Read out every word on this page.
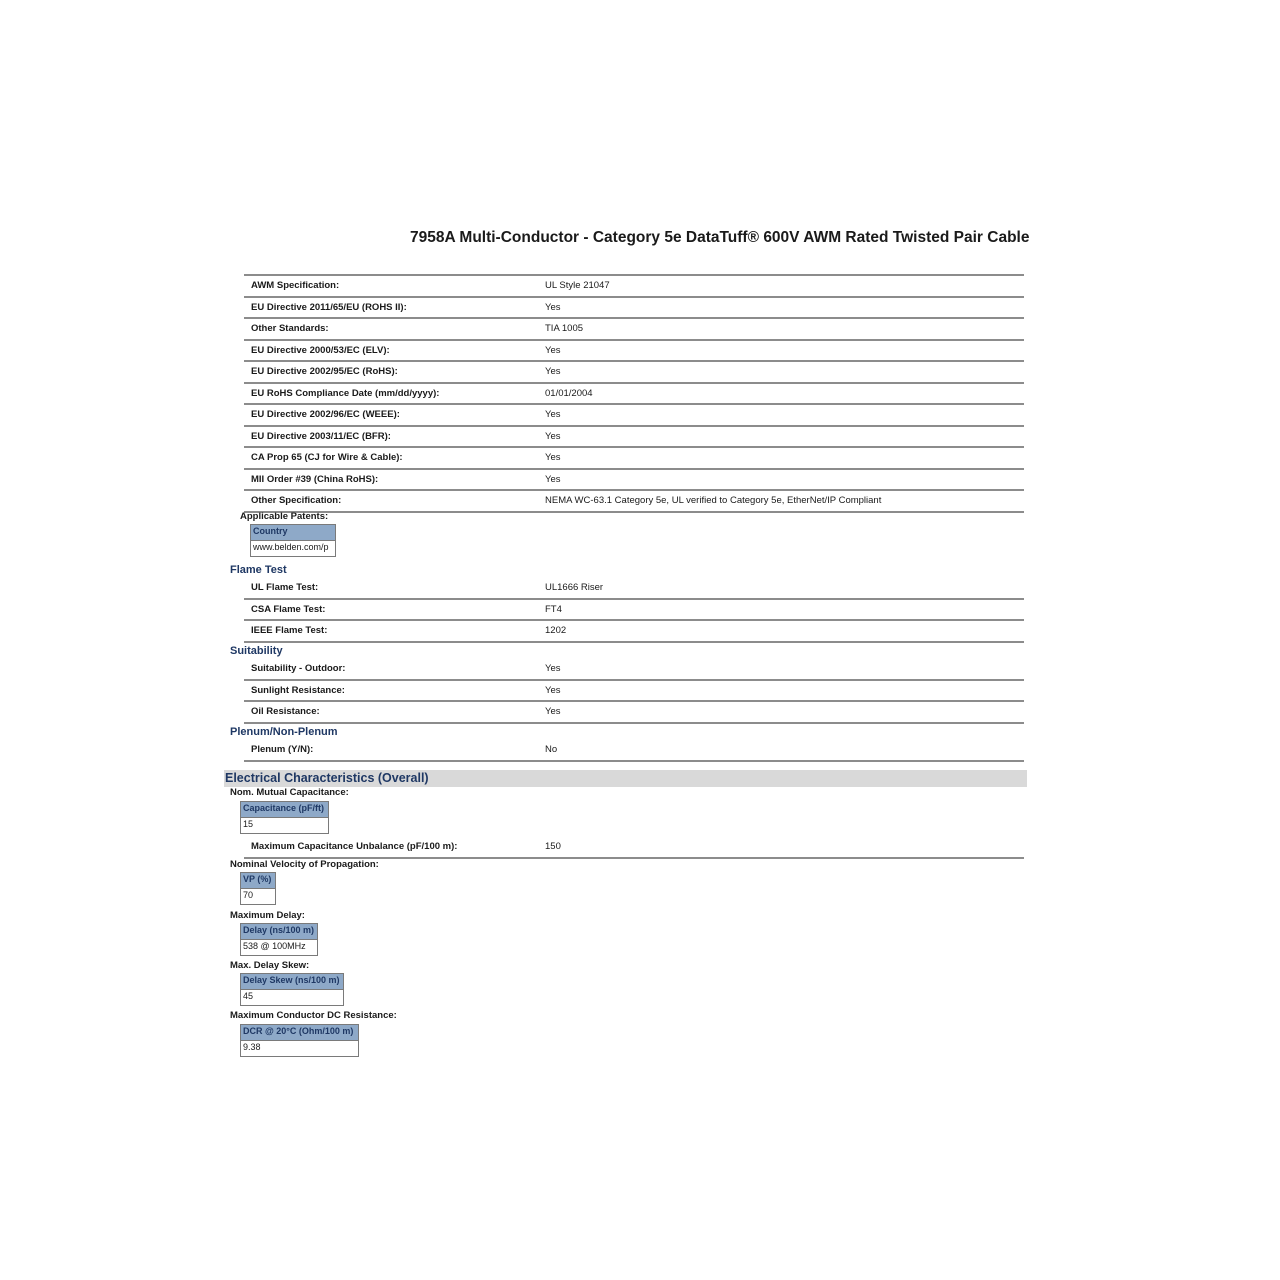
7958A Multi-Conductor - Category 5e DataTuff® 600V AWM Rated Twisted Pair Cable
AWM Specification:	UL Style 21047
EU Directive 2011/65/EU (ROHS II):	Yes
Other Standards:	TIA 1005
EU Directive 2000/53/EC (ELV):	Yes
EU Directive 2002/95/EC (RoHS):	Yes
EU RoHS Compliance Date (mm/dd/yyyy):	01/01/2004
EU Directive 2002/96/EC (WEEE):	Yes
EU Directive 2003/11/EC (BFR):	Yes
CA Prop 65 (CJ for Wire & Cable):	Yes
MII Order #39 (China RoHS):	Yes
Other Specification:	NEMA WC-63.1 Category 5e, UL verified to Category 5e, EtherNet/IP Compliant
Applicable Patents:
Country
www.belden.com/p
Flame Test
UL Flame Test:	UL1666 Riser
CSA Flame Test:	FT4
IEEE Flame Test:	1202
Suitability
Suitability - Outdoor:	Yes
Sunlight Resistance:	Yes
Oil Resistance:	Yes
Plenum/Non-Plenum
Plenum (Y/N):	No
Electrical Characteristics (Overall)
Nom. Mutual Capacitance:
Capacitance (pF/ft)
15
Maximum Capacitance Unbalance (pF/100 m):	150
Nominal Velocity of Propagation:
VP (%)
70
Maximum Delay:
Delay (ns/100 m)
538 @ 100MHz
Max. Delay Skew:
Delay Skew (ns/100 m)
45
Maximum Conductor DC Resistance:
DCR @ 20°C (Ohm/100 m)
9.38
